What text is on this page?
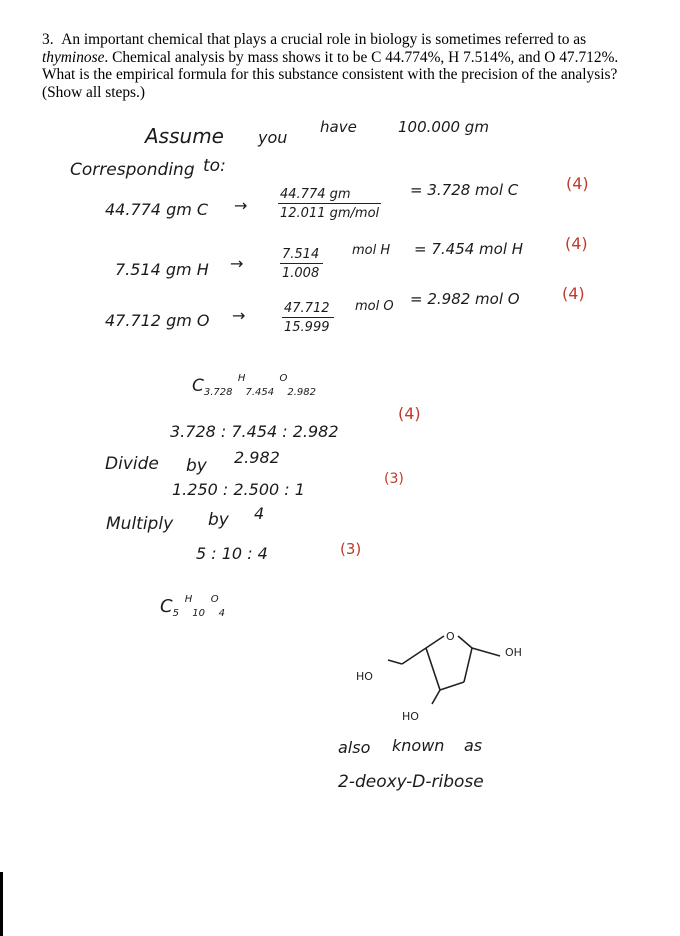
3. An important chemical that plays a crucial role in biology is sometimes referred to as thyminose. Chemical analysis by mass shows it to be C 44.774%, H 7.514%, and O 47.712%. What is the empirical formula for this substance consistent with the precision of the analysis? (Show all steps.)

Assume you
have	100.000 gm
Corresponding to:
44.774 gm C →
44.774 gm
12.011 gm/mol
= 3.728 mol C	(4)
7.514 gm H →	$\frac{7.514}{1.008}$ mol H = 7.454 mol H	(4)
47.712 gm O →	$\frac{47.712}{15.999}$ mol O = 2.982 mol O	(4)
$C_{3.728}$ $^H_{7.454}$ $^O_{2.982}$
3.728 : 7.454 : 2.982
(4)
Divide by 2.982
1.250 : 2.500 : 1
(3)
Multiply by 4
5 : 10 : 4	(3)
$C_5$ $^H_{10}$ $^O_4$
O
OH
HO
HO
also known as
2-deoxy-D-ribose
